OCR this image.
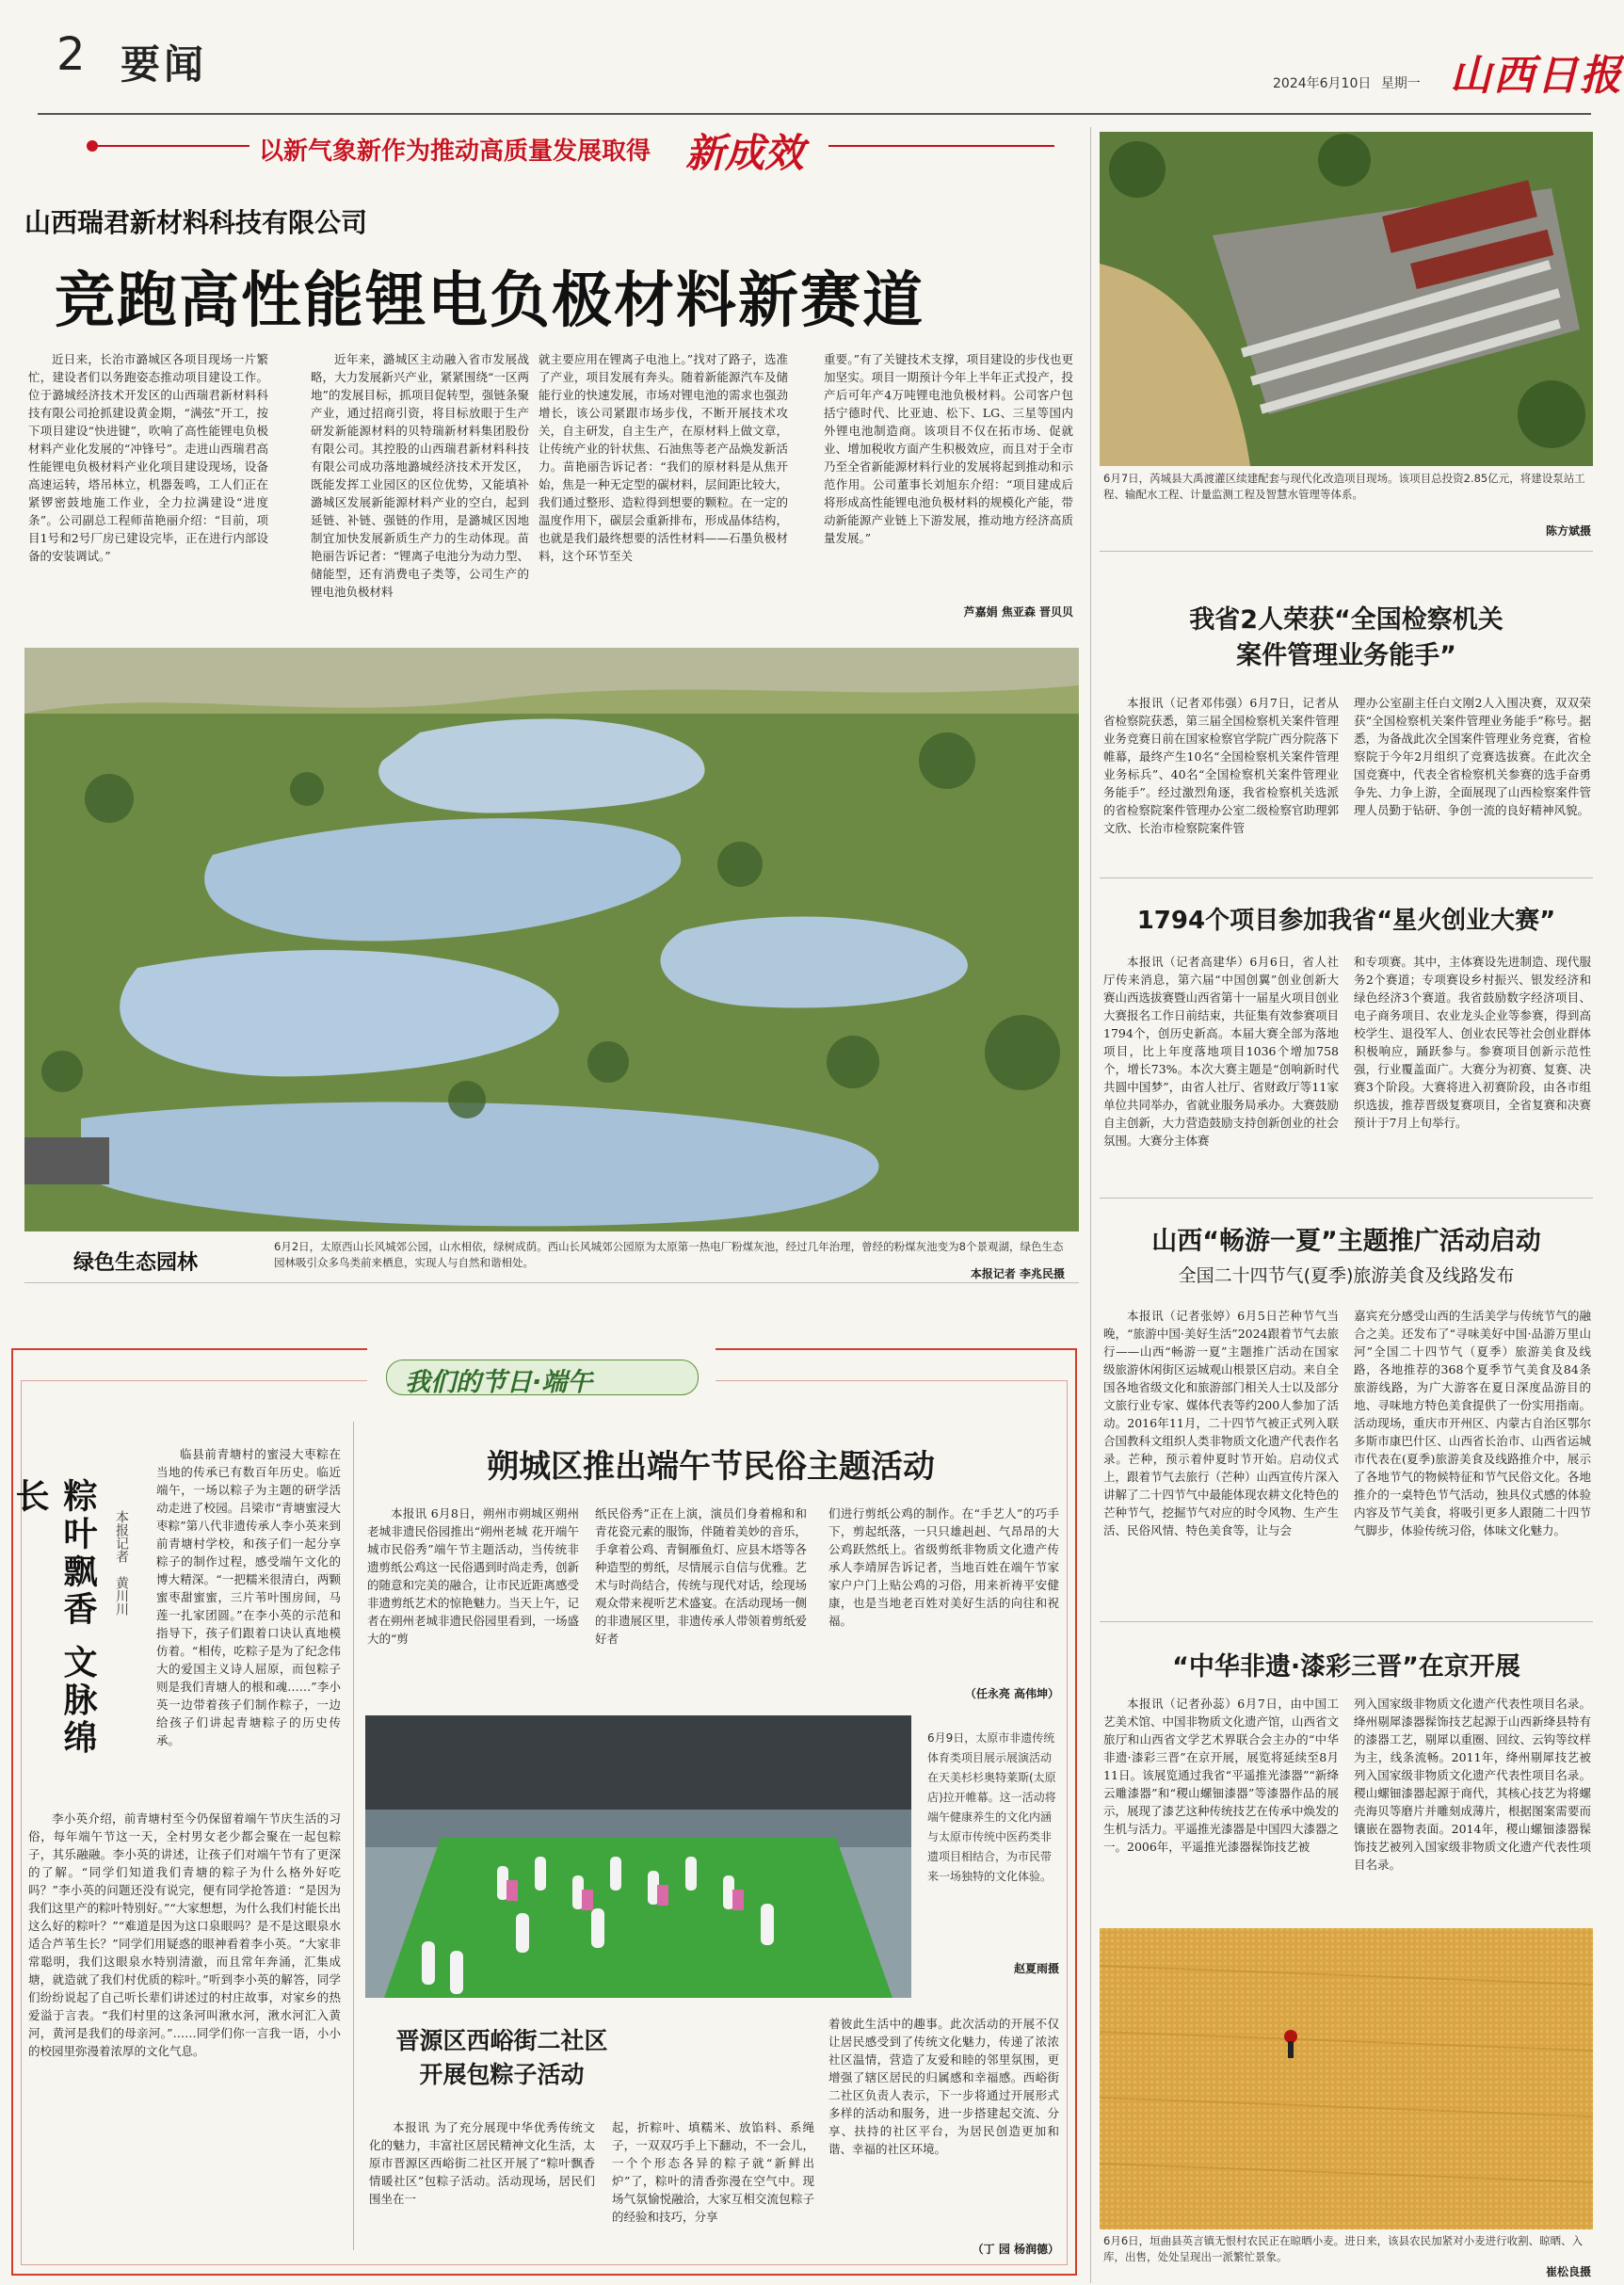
2 要闻	2024年6月10日 星期一 山西日报
以新气象新作为推动高质量发展取得 新成效
山西瑞君新材料科技有限公司
竞跑高性能锂电负极材料新赛道

近日来，长治市潞城区各项目现场一片繁忙，建设者们以务跑姿态推动项目建设工作。位于潞城经济技术开发区的山西瑞君新材料科技有限公司抢抓建设黄金期，“满弦”开工，按下项目建设“快进键”，吹响了高性能锂电负极材料产业化发展的“冲锋号”。走进山西瑞君高性能锂电负极材料产业化项目建设现场，设备高速运转，塔吊林立，机器轰鸣，工人们正在紧锣密鼓地施工作业，全力拉满建设“进度条”。公司副总工程师苗艳丽介绍：“目前，项目1号和2号厂房已建设完毕，正在进行内部设备的安装调试。”

近年来，潞城区主动融入省市发展战略，大力发展新兴产业，紧紧围绕“一区两地”的发展目标，抓项目促转型，强链条聚产业，通过招商引资，将目标放眼于生产研发新能源材料的贝特瑞新材料集团股份有限公司。其控股的山西瑞君新材料科技有限公司成功落地潞城经济技术开发区，既能发挥工业园区的区位优势，又能填补潞城区发展新能源材料产业的空白，起到延链、补链、强链的作用，是潞城区因地制宜加快发展新质生产力的生动体现。苗艳丽告诉记者：“锂离子电池分为动力型、储能型，还有消费电子类等，公司生产的锂电池负极材料

就主要应用在锂离子电池上。”找对了路子，选准了产业，项目发展有奔头。随着新能源汽车及储能行业的快速发展，市场对锂电池的需求也强劲增长，该公司紧跟市场步伐，不断开展技术攻关，自主研发，自主生产，在原材料上做文章，让传统产业的针状焦、石油焦等老产品焕发新活力。苗艳丽告诉记者：“我们的原材料是从焦开始，焦是一种无定型的碳材料，层间距比较大，我们通过整形、造粒得到想要的颗粒。在一定的温度作用下，碳层会重新排布，形成晶体结构，也就是我们最终想要的活性材料——石墨负极材料，这个环节至关

重要。”有了关键技术支撑，项目建设的步伐也更加坚实。项目一期预计今年上半年正式投产，投产后可年产4万吨锂电池负极材料。公司客户包括宁德时代、比亚迪、松下、LG、三星等国内外锂电池制造商。该项目不仅在拓市场、促就业、增加税收方面产生积极效应，而且对于全市乃至全省新能源材料行业的发展将起到推动和示范作用。公司董事长刘旭东介绍：“项目建成后将形成高性能锂电池负极材料的规模化产能，带动新能源产业链上下游发展，推动地方经济高质量发展。”

芦嘉娟 焦亚森 晋贝贝
绿色生态园林
6月2日，太原西山长风城郊公园，山水相依，绿树成荫。西山长风城郊公园原为太原第一热电厂粉煤灰池，经过几年治理，曾经的粉煤灰池变为8个景观湖，绿色生态园林吸引众多鸟类前来栖息，实现人与自然和谐相处。
本报记者 李兆民摄
6月7日，芮城县大禹渡灌区续建配套与现代化改造项目现场。该项目总投资2.85亿元，将建设泵站工程、输配水工程、计量监测工程及智慧水管理等体系。
陈方斌摄
我省2人荣获“全国检察机关
案件管理业务能手”

本报讯（记者邓伟强）6月7日，记者从省检察院获悉，第三届全国检察机关案件管理业务竞赛日前在国家检察官学院广西分院落下帷幕，最终产生10名“全国检察机关案件管理业务标兵”、40名“全国检察机关案件管理业务能手”。经过激烈角逐，我省检察机关选派的省检察院案件管理办公室二级检察官助理郭文欣、长治市检察院案件管

理办公室副主任白文刚2人入围决赛，双双荣获“全国检察机关案件管理业务能手”称号。据悉，为备战此次全国案件管理业务竞赛，省检察院于今年2月组织了竞赛选拔赛。在此次全国竞赛中，代表全省检察机关参赛的选手奋勇争先、力争上游，全面展现了山西检察案件管理人员勤于钻研、争创一流的良好精神风貌。

1794个项目参加我省“星火创业大赛”

本报讯（记者高建华）6月6日，省人社厅传来消息，第六届“中国创翼”创业创新大赛山西选拔赛暨山西省第十一届星火项目创业大赛报名工作日前结束，共征集有效参赛项目1794个，创历史新高。本届大赛全部为落地项目，比上年度落地项目1036个增加758个，增长73%。本次大赛主题是“创响新时代 共圆中国梦”，由省人社厅、省财政厅等11家单位共同举办，省就业服务局承办。大赛鼓励自主创新，大力营造鼓励支持创新创业的社会氛围。大赛分主体赛

和专项赛。其中，主体赛设先进制造、现代服务2个赛道；专项赛设乡村振兴、银发经济和绿色经济3个赛道。我省鼓励数字经济项目、电子商务项目、农业龙头企业等参赛，得到高校学生、退役军人、创业农民等社会创业群体积极响应，踊跃参与。参赛项目创新示范性强，行业覆盖面广。大赛分为初赛、复赛、决赛3个阶段。大赛将进入初赛阶段，由各市组织选拔，推荐晋级复赛项目，全省复赛和决赛预计于7月上旬举行。

山西“畅游一夏”主题推广活动启动
全国二十四节气(夏季)旅游美食及线路发布

本报讯（记者张婷）6月5日芒种节气当晚，“旅游中国·美好生活”2024跟着节气去旅行——山西“畅游一夏”主题推广活动在国家级旅游休闲街区运城观山根景区启动。来自全国各地省级文化和旅游部门相关人士以及部分文旅行业专家、媒体代表等约200人参加了活动。2016年11月，二十四节气被正式列入联合国教科文组织人类非物质文化遗产代表作名录。芒种，预示着仲夏时节开始。启动仪式上，跟着节气去旅行（芒种）山西宣传片深入讲解了二十四节气中最能体现农耕文化特色的芒种节气，挖掘节气对应的时令风物、生产生活、民俗风情、特色美食等，让与会

嘉宾充分感受山西的生活美学与传统节气的融合之美。还发布了“寻味美好中国·品游万里山河”全国二十四节气（夏季）旅游美食及线路，各地推荐的368个夏季节气美食及84条旅游线路，为广大游客在夏日深度品游目的地、寻味地方特色美食提供了一份实用指南。活动现场，重庆市开州区、内蒙古自治区鄂尔多斯市康巴什区、山西省长治市、山西省运城市代表在(夏季)旅游美食及线路推介中，展示了各地节气的物候特征和节气民俗文化。各地推介的一桌特色节气活动，独具仪式感的体验内容及节气美食，将吸引更多人跟随二十四节气脚步，体验传统习俗，体味文化魅力。

“中华非遗·漆彩三晋”在京开展

本报讯（记者孙蕊）6月7日，由中国工艺美术馆、中国非物质文化遗产馆，山西省文旅厅和山西省文学艺术界联合会主办的“中华非遗·漆彩三晋”在京开展，展览将延续至8月11日。该展览通过我省“平遥推光漆器”“新绛云雕漆器”和“稷山螺钿漆器”等漆器作品的展示，展现了漆艺这种传统技艺在传承中焕发的生机与活力。平遥推光漆器是中国四大漆器之一。2006年，平遥推光漆器髹饰技艺被

列入国家级非物质文化遗产代表性项目名录。绛州剔犀漆器髹饰技艺起源于山西新绛县特有的漆器工艺，剔犀以重圈、回纹、云钩等纹样为主，线条流畅。2011年，绛州剔犀技艺被列入国家级非物质文化遗产代表性项目名录。稷山螺钿漆器起源于商代，其核心技艺为将螺壳海贝等磨片并雕刻成薄片，根据图案需要而镶嵌在器物表面。2014年，稷山螺钿漆器髹饰技艺被列入国家级非物质文化遗产代表性项目名录。

6月6日，垣曲县英言镇无恨村农民正在晾晒小麦。进日来，该县农民加紧对小麦进行收割、晾晒、入库，出售，处处呈现出一派繁忙景象。
崔松良摄
我们的节日·端午
粽叶飘香 文脉绵长
本报记者 黄川川

临县前青塘村的蜜浸大枣粽在当地的传承已有数百年历史。临近端午，一场以粽子为主题的研学活动走进了校园。吕梁市“青塘蜜浸大枣粽”第八代非遗传承人李小英来到前青塘村学校，和孩子们一起分享粽子的制作过程，感受端午文化的博大精深。“一把糯米很清白，两颗蜜枣甜蜜蜜，三片苇叶围房间，马莲一扎家团圆。”在李小英的示范和指导下，孩子们跟着口诀认真地模仿着。“相传，吃粽子是为了纪念伟大的爱国主义诗人屈原，而包粽子则是我们青塘人的根和魂……”李小英一边带着孩子们制作粽子，一边给孩子们讲起青塘粽子的历史传承。

李小英介绍，前青塘村至今仍保留着端午节庆生活的习俗，每年端午节这一天，全村男女老少都会聚在一起包粽子，其乐融融。李小英的讲述，让孩子们对端午节有了更深的了解。“同学们知道我们青塘的粽子为什么格外好吃吗？”李小英的问题还没有说完，便有同学抢答道：“是因为我们这里产的粽叶特别好。”“大家想想，为什么我们村能长出这么好的粽叶？”“难道是因为这口泉眼吗？是不是这眼泉水适合芦苇生长？”同学们用疑惑的眼神看着李小英。“大家非常聪明，我们这眼泉水特别清澈，而且常年奔涌，汇集成塘，就造就了我们村优质的粽叶。”听到李小英的解答，同学们纷纷说起了自己听长辈们讲述过的村庄故事，对家乡的热爱溢于言表。“我们村里的这条河叫湫水河，湫水河汇入黄河，黄河是我们的母亲河。”……同学们你一言我一语，小小的校园里弥漫着浓厚的文化气息。

朔城区推出端午节民俗主题活动

本报讯 6月8日，朔州市朔城区朔州老城非遗民俗园推出“朔州老城 花开端午 城市民俗秀”端午节主题活动，当传统非遗剪纸公鸡这一民俗遇到时尚走秀，创新的随意和完美的融合，让市民近距离感受非遗剪纸艺术的惊艳魅力。当天上午，记者在朔州老城非遗民俗园里看到，一场盛大的“剪

纸民俗秀”正在上演，演员们身着棉和和青花瓷元素的服饰，伴随着美妙的音乐，手拿着公鸡、青铜雁鱼灯、应县木塔等各种造型的剪纸，尽情展示自信与优雅。艺术与时尚结合，传统与现代对话，绘现场观众带来视听艺术盛宴。在活动现场一侧的非遗展区里，非遗传承人带领着剪纸爱好者

们进行剪纸公鸡的制作。在“手艺人”的巧手下，剪起纸落，一只只雄赳赳、气昂昂的大公鸡跃然纸上。省级剪纸非物质文化遗产传承人李靖屏告诉记者，当地百姓在端午节家家户户门上贴公鸡的习俗，用来祈祷平安健康，也是当地老百姓对美好生活的向往和祝福。

（任永亮 高伟坤）
6月9日，太原市非遗传统体育类项目展示展演活动在天美杉杉奥特莱斯(太原店)拉开帷幕。这一活动将端午健康养生的文化内涵与太原市传统中医药类非遗项目相结合，为市民带来一场独特的文化体验。
赵夏雨摄
晋源区西峪街二社区
开展包粽子活动

本报讯 为了充分展现中华优秀传统文化的魅力，丰富社区居民精神文化生活，太原市晋源区西峪街二社区开展了“粽叶飘香 情暖社区”包粽子活动。活动现场，居民们围坐在一

起，折粽叶、填糯米、放馅料、系绳子，一双双巧手上下翻动，不一会儿，一个个形态各异的粽子就“新鲜出炉”了，粽叶的清香弥漫在空气中。现场气氛愉悦融洽，大家互相交流包粽子的经验和技巧，分享

着彼此生活中的趣事。此次活动的开展不仅让居民感受到了传统文化魅力，传递了浓浓社区温情，营造了友爱和睦的邻里氛围，更增强了辖区居民的归属感和幸福感。西峪街二社区负责人表示，下一步将通过开展形式多样的活动和服务，进一步搭建起交流、分享、扶持的社区平台，为居民创造更加和谐、幸福的社区环境。

（丁 园 杨润德）
